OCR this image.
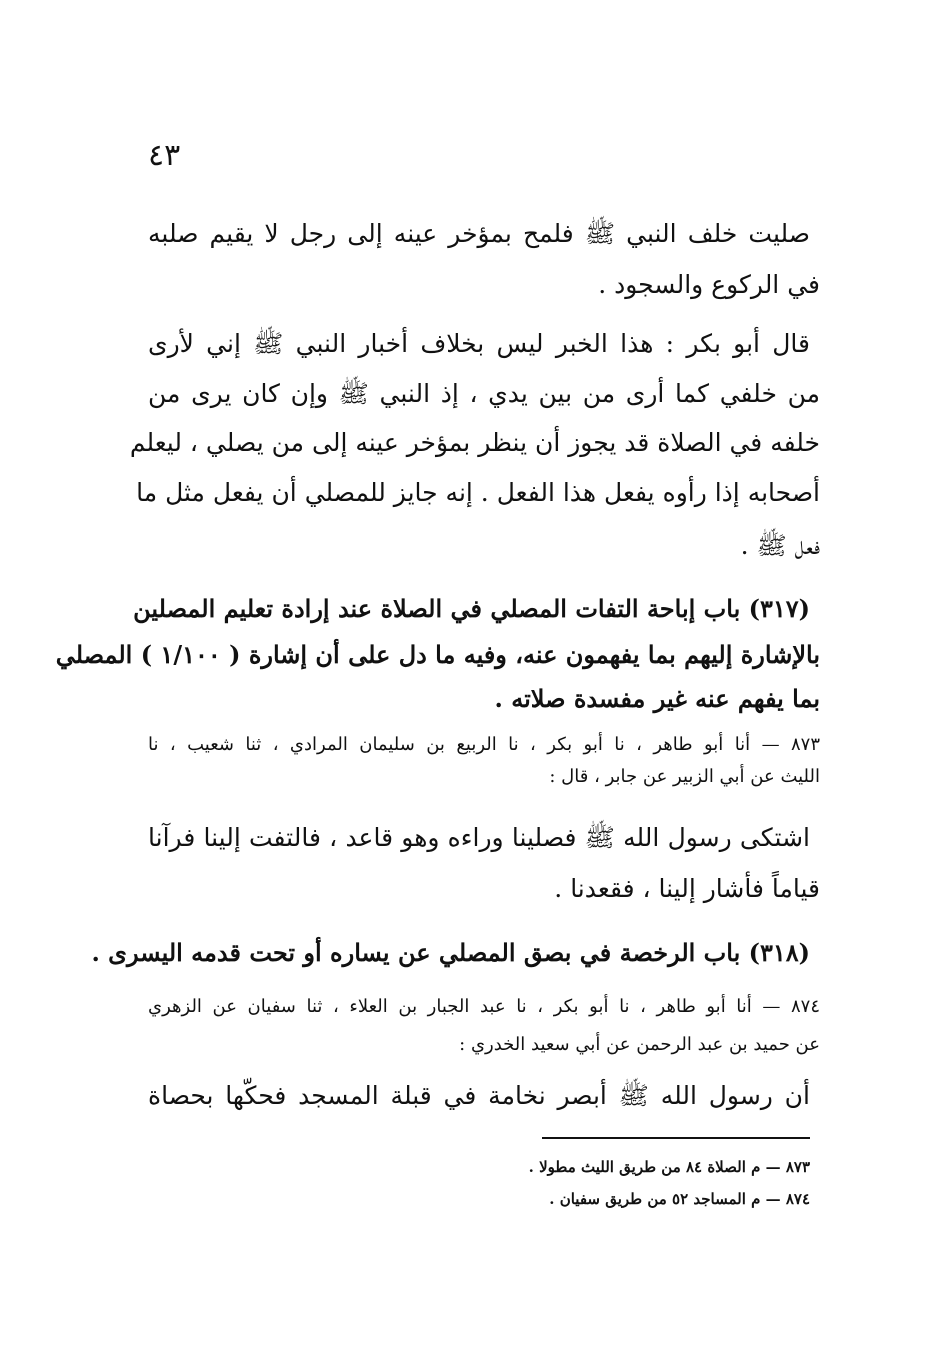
٤٣
صليت خلف النبي ﷺ فلمح بمؤخر عينه إلى رجل لا يقيم صلبه
في الركوع والسجود .
قال أبو بكر : هذا الخبر ليس بخلاف أخبار النبي ﷺ إني لأرى
من خلفي كما أرى من بين يدي ، إذ النبي ﷺ وإن كان يرى من
خلفه في الصلاة قد يجوز أن ينظر بمؤخر عينه إلى من يصلي ، ليعلم
أصحابه إذا رأوه يفعل هذا الفعل . إنه جايز للمصلي أن يفعل مثل ما
فعل ﷺ .
(٣١٧) باب إباحة التفات المصلي في الصلاة عند إرادة تعليم المصلين
بالإشارة إليهم بما يفهمون عنه، وفيه ما دل على أن إشارة ( ١/١٠٠ ) المصلي
بما يفهم عنه غير مفسدة صلاته .
٨٧٣ — أنا أبو طاهر ، نا أبو بكر ، نا الربيع بن سليمان المرادي ، ثنا شعيب ، نا
الليث عن أبي الزبير عن جابر ، قال :
اشتكى رسول الله ﷺ فصلينا وراءه وهو قاعد ، فالتفت إلينا فرآنا
قياماً فأشار إلينا ، فقعدنا .
(٣١٨) باب الرخصة في بصق المصلي عن يساره أو تحت قدمه اليسرى .
٨٧٤ — أنا أبو طاهر ، نا أبو بكر ، نا عبد الجبار بن العلاء ، ثنا سفيان عن الزهري
عن حميد بن عبد الرحمن عن أبي سعيد الخدري :
أن رسول الله ﷺ أبصر نخامة في قبلة المسجد فحكّها بحصاة
٨٧٣ — م الصلاة ٨٤ من طريق الليث مطولا .
٨٧٤ — م المساجد ٥٢ من طريق سفيان .
